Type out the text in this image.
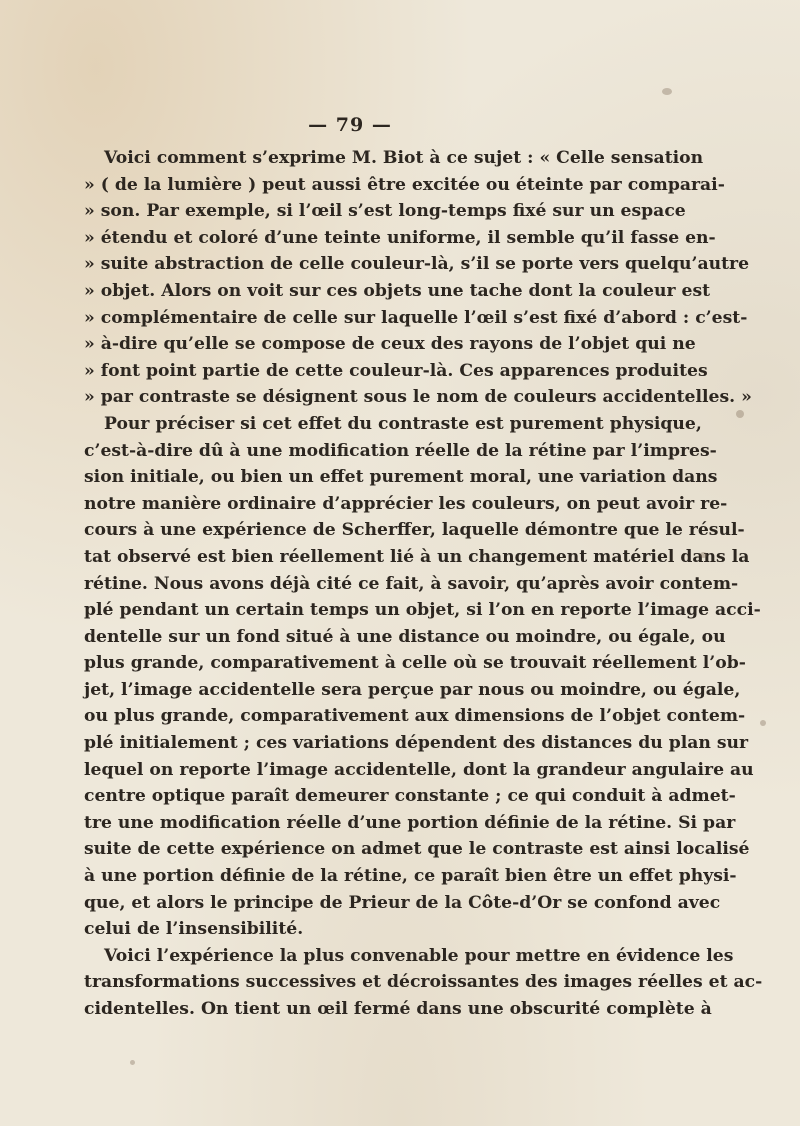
— 79 —
Voici comment s’exprime M. Biot à ce sujet : « Celle sensation
» ( de la lumière ) peut aussi être excitée ou éteinte par comparai-
» son. Par exemple, si l’œil s’est long-temps fixé sur un espace
» étendu et coloré d’une teinte uniforme, il semble qu’il fasse en-
» suite abstraction de celle couleur-là, s’il se porte vers quelqu’autre
» objet. Alors on voit sur ces objets une tache dont la couleur est
» complémentaire de celle sur laquelle l’œil s’est fixé d’abord : c’est-
» à-dire qu’elle se compose de ceux des rayons de l’objet qui ne
» font point partie de cette couleur-là. Ces apparences produites
» par contraste se désignent sous le nom de couleurs accidentelles. »
Pour préciser si cet effet du contraste est purement physique,
c’est-à-dire dû à une modification réelle de la rétine par l’impres-
sion initiale, ou bien un effet purement moral, une variation dans
notre manière ordinaire d’apprécier les couleurs, on peut avoir re-
cours à une expérience de Scherffer, laquelle démontre que le résul-
tat observé est bien réellement lié à un changement matériel dans la
rétine. Nous avons déjà cité ce fait, à savoir, qu’après avoir contem-
plé pendant un certain temps un objet, si l’on en reporte l’image acci-
dentelle sur un fond situé à une distance ou moindre, ou égale, ou
plus grande, comparativement à celle où se trouvait réellement l’ob-
jet, l’image accidentelle sera perçue par nous ou moindre, ou égale,
ou plus grande, comparativement aux dimensions de l’objet contem-
plé initialement ; ces variations dépendent des distances du plan sur
lequel on reporte l’image accidentelle, dont la grandeur angulaire au
centre optique paraît demeurer constante ; ce qui conduit à admet-
tre une modification réelle d’une portion définie de la rétine. Si par
suite de cette expérience on admet que le contraste est ainsi localisé
à une portion définie de la rétine, ce paraît bien être un effet physi-
que, et alors le principe de Prieur de la Côte-d’Or se confond avec
celui de l’insensibilité.
Voici l’expérience la plus convenable pour mettre en évidence les
transformations successives et décroissantes des images réelles et ac-
cidentelles. On tient un œil fermé dans une obscurité complète à
